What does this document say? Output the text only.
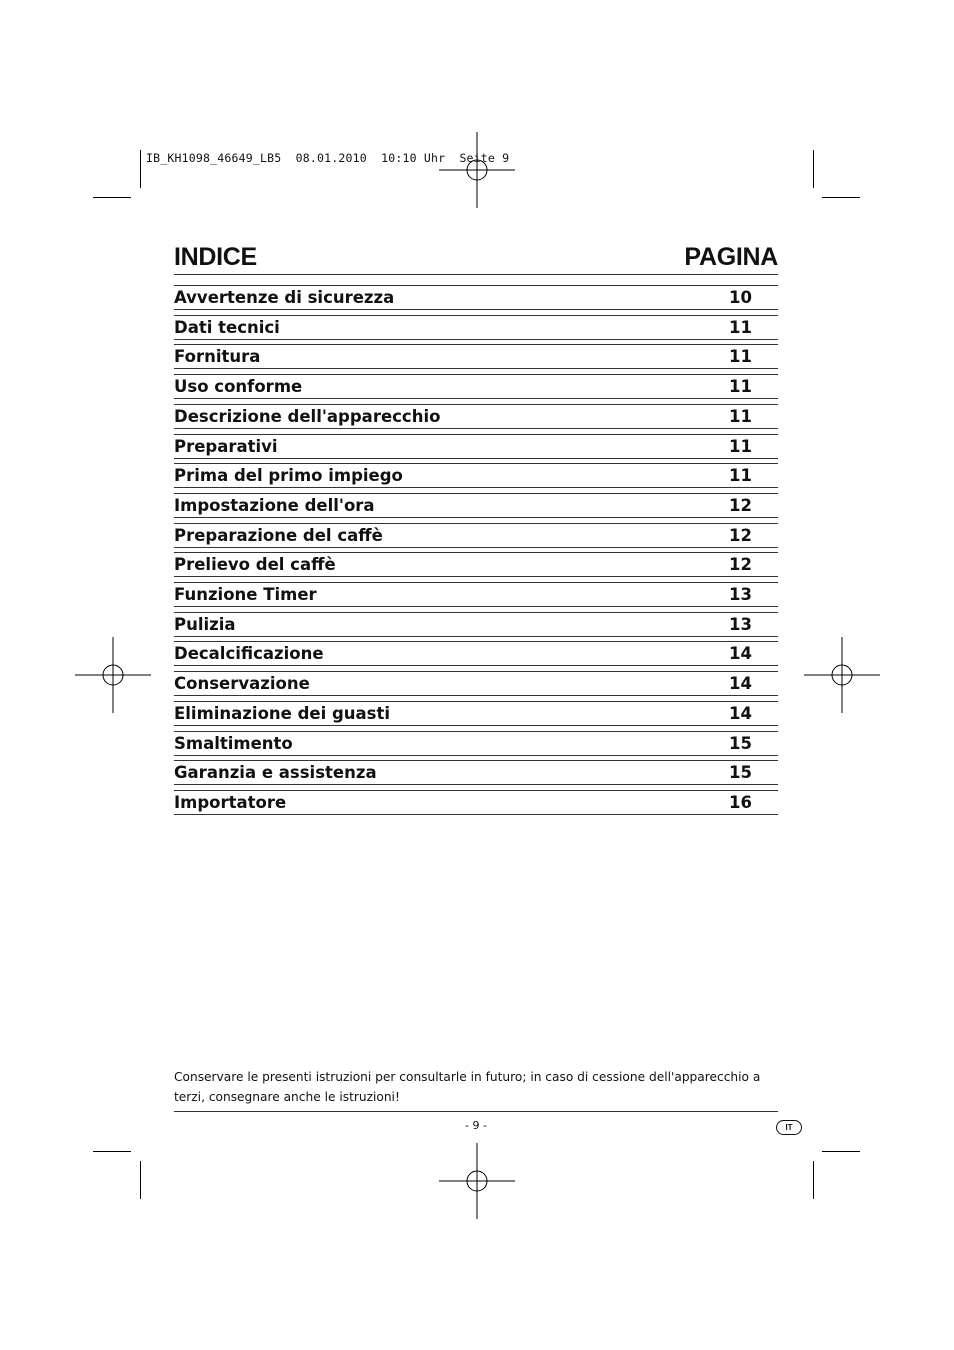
IB_KH1098_46649_LB5  08.01.2010  10:10 Uhr  Seite 9
INDICE	PAGINA
Avvertenze di sicurezza	10
Dati tecnici	11
Fornitura	11
Uso conforme	11
Descrizione dell'apparecchio	11
Preparativi	11
Prima del primo impiego	11
Impostazione dell'ora	12
Preparazione del caffè	12
Prelievo del caffè	12
Funzione Timer	13
Pulizia	13
Decalcificazione	14
Conservazione	14
Eliminazione dei guasti	14
Smaltimento	15
Garanzia e assistenza	15
Importatore	16
Conservare le presenti istruzioni per consultarle in futuro; in caso di cessione dell'apparecchio a terzi, consegnare anche le istruzioni!
- 9 -	IT
